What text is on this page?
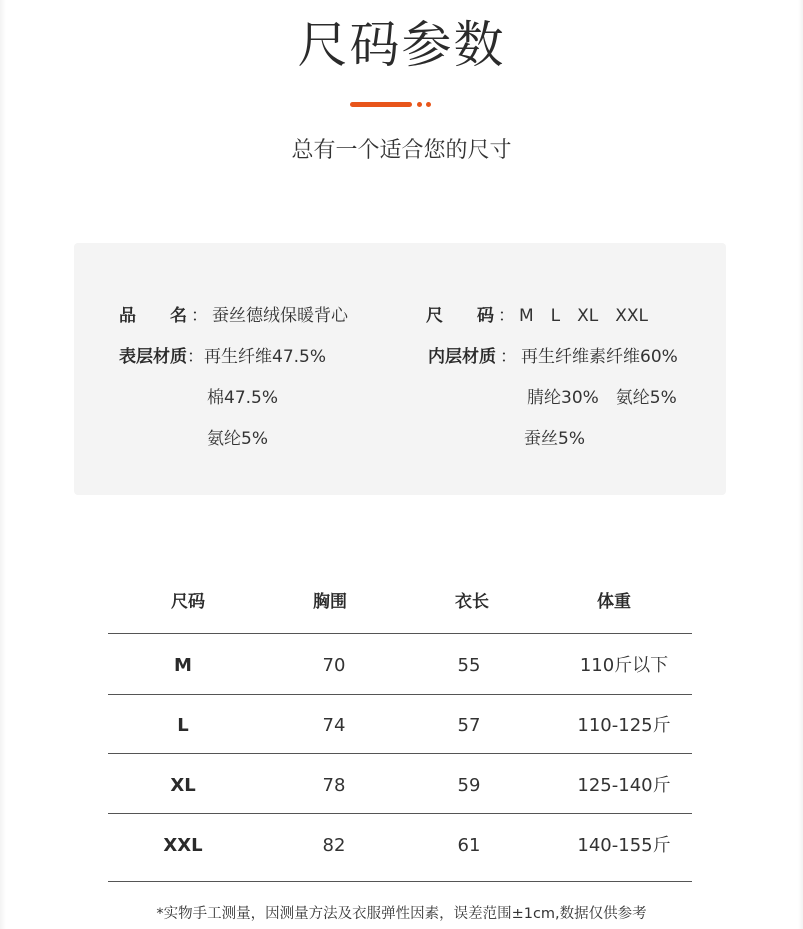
尺码参数
总有一个适合您的尺寸
品　　名 ： 蚕丝德绒保暖背心
表层材质：再生纤维47.5%
棉47.5%
氨纶5%
尺　　码 ： M　L　XL　XXL
内层材质 ： 再生纤维素纤维60%
腈纶30%　氨纶5%
蚕丝5%
尺码	胸围	衣长	体重
M	70	55	110斤以下
L	74	57	110-125斤
XL	78	59	125-140斤
XXL	82	61	140-155斤
*实物手工测量，因测量方法及衣服弹性因素，误差范围±1cm,数据仅供参考
